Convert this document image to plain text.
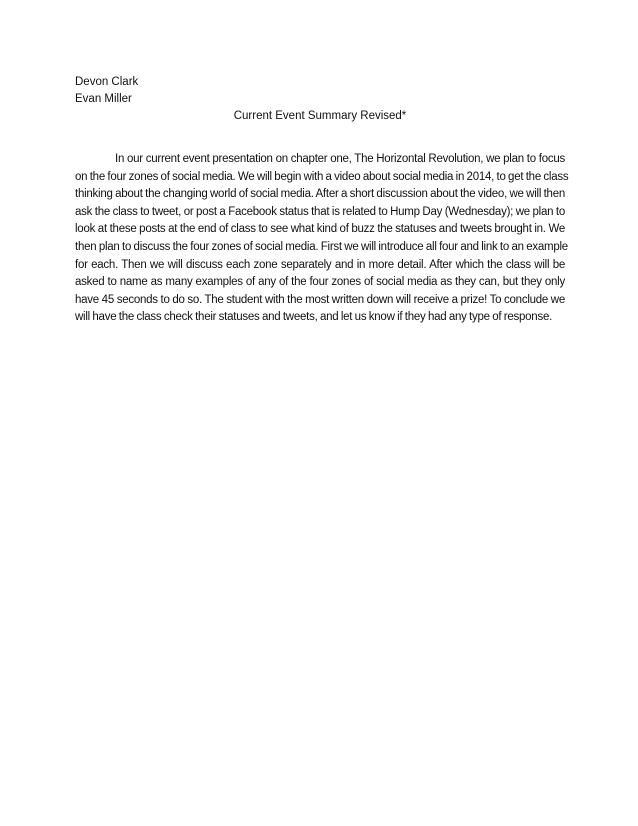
Devon Clark
Evan Miller
Current Event Summary Revised*
In our current event presentation on chapter one, The Horizontal Revolution, we plan to focus
on the four zones of social media. We will begin with a video about social media in 2014, to get the class
thinking about the changing world of social media. After a short discussion about the video, we will then
ask the class to tweet, or post a Facebook status that is related to Hump Day (Wednesday); we plan to
look at these posts at the end of class to see what kind of buzz the statuses and tweets brought in. We
then plan to discuss the four zones of social media. First we will introduce all four and link to an example
for each. Then we will discuss each zone separately and in more detail. After which the class will be
asked to name as many examples of any of the four zones of social media as they can, but they only
have 45 seconds to do so. The student with the most written down will receive a prize! To conclude we
will have the class check their statuses and tweets, and let us know if they had any type of response.
